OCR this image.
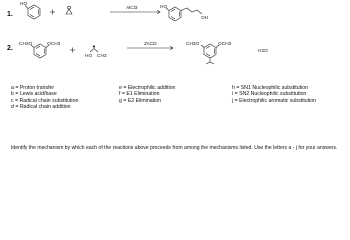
1.
2.
HO
AlCl3	HO
OH
CH3O	OCH3
HO CH3
ZnCl2	CH3O	OCH3
H2O
a = Proton transfer
b = Lewis acid/base
c = Radical chain substitution
d = Radical chain addition
e = Electrophilic addition
f = E1 Elimination
g = E2 Elimination
h = SN1 Nucleophilic substitution
i = SN2 Nucleophilic substitution
j = Electrophilic aromatic substitution
Identify the mechanism by which each of the reactions above proceeds from among the mechanisms listed. Use the letters a - j for your answers.
